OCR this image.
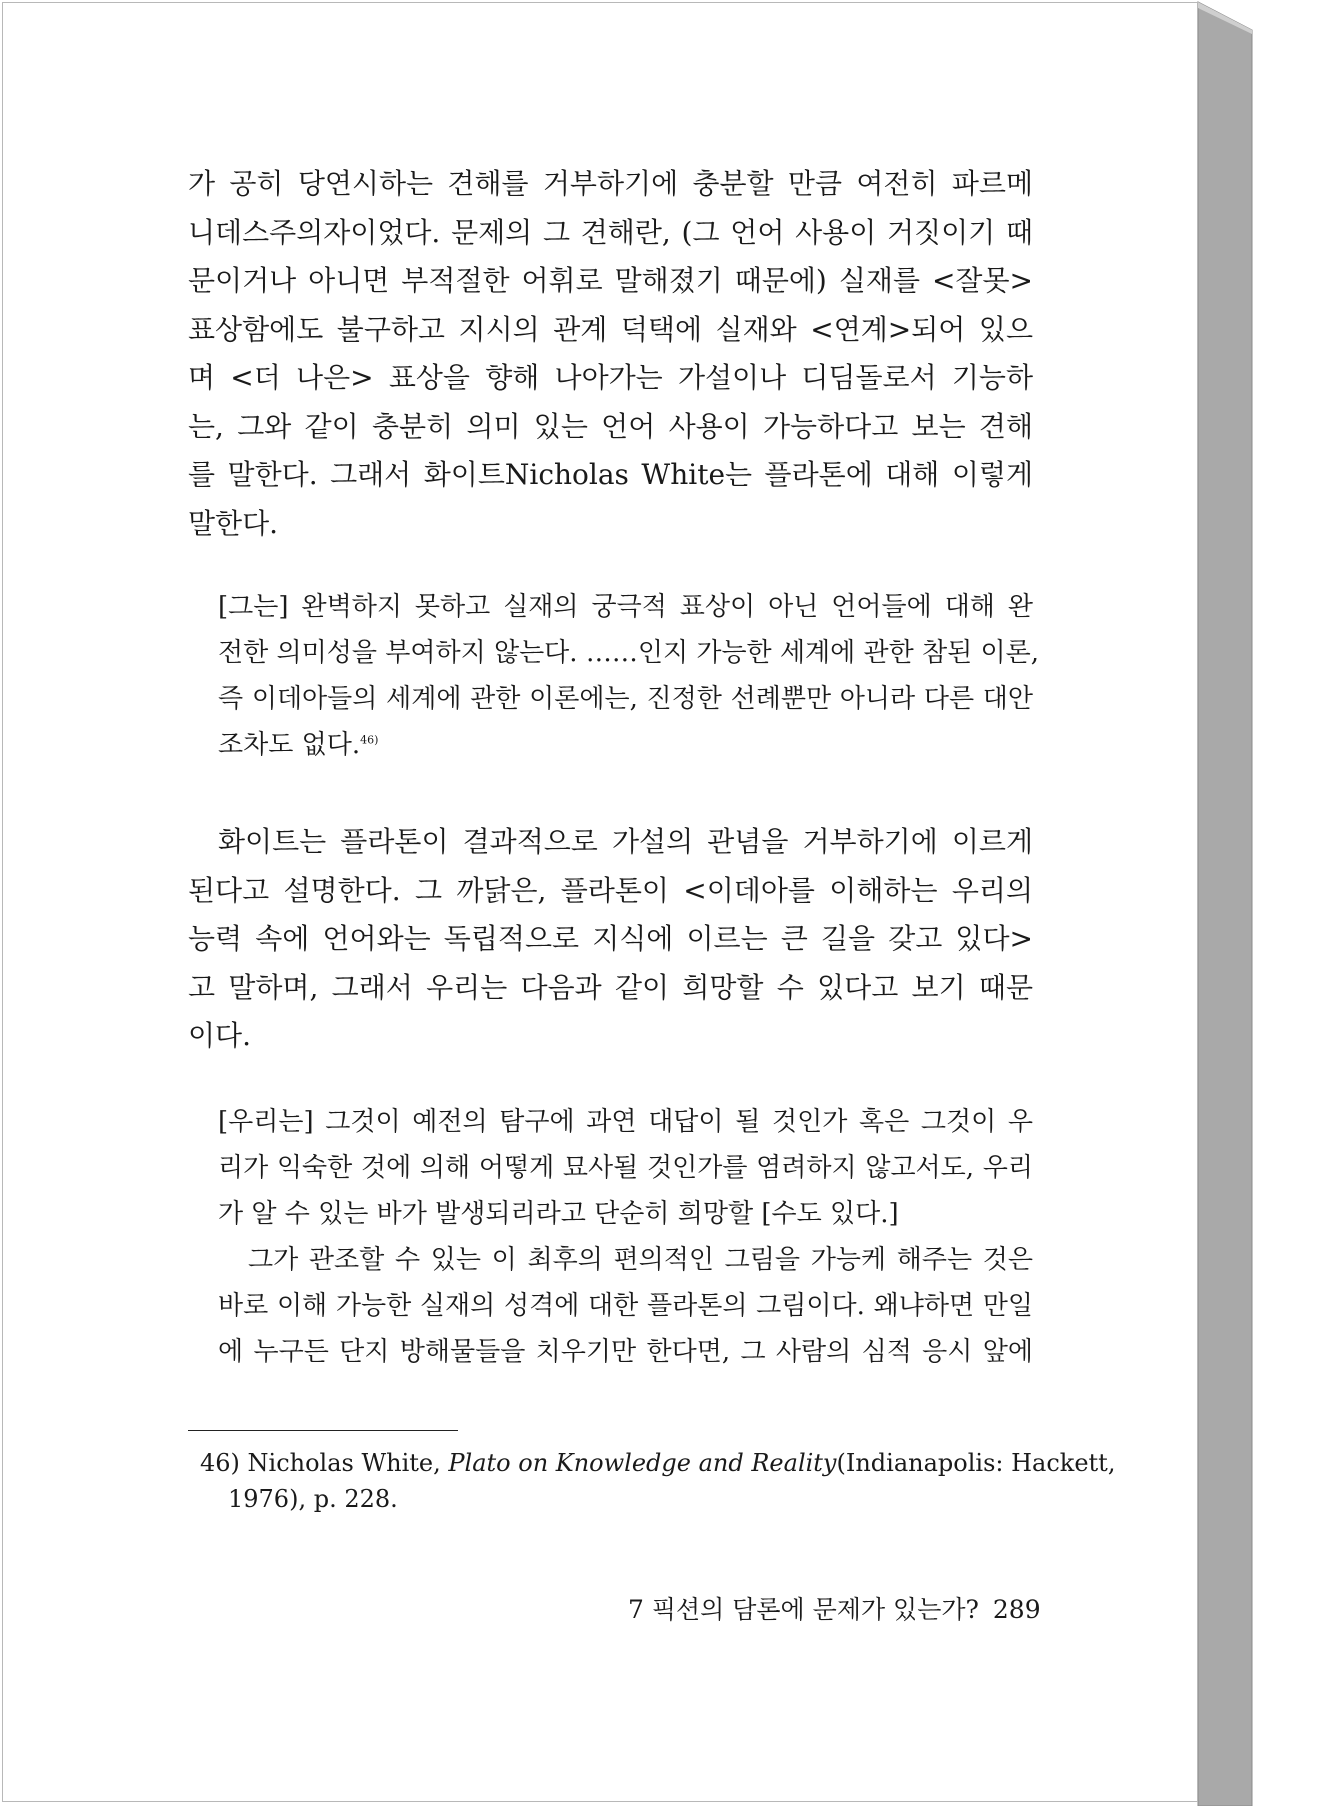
가 공히 당연시하는 견해를 거부하기에 충분할 만큼 여전히 파르메
니데스주의자이었다. 문제의 그 견해란, (그 언어 사용이 거짓이기 때
문이거나 아니면 부적절한 어휘로 말해졌기 때문에) 실재를 <잘못>
표상함에도 불구하고 지시의 관계 덕택에 실재와 <연계>되어 있으
며 <더 나은> 표상을 향해 나아가는 가설이나 디딤돌로서 기능하
는, 그와 같이 충분히 의미 있는 언어 사용이 가능하다고 보는 견해
를 말한다. 그래서 화이트Nicholas White는 플라톤에 대해 이렇게
말한다.
[그는] 완벽하지 못하고 실재의 궁극적 표상이 아닌 언어들에 대해 완
전한 의미성을 부여하지 않는다. ……인지 가능한 세계에 관한 참된 이론,
즉 이데아들의 세계에 관한 이론에는, 진정한 선례뿐만 아니라 다른 대안
조차도 없다.$^{46)}$
화이트는 플라톤이 결과적으로 가설의 관념을 거부하기에 이르게
된다고 설명한다. 그 까닭은, 플라톤이 <이데아를 이해하는 우리의
능력 속에 언어와는 독립적으로 지식에 이르는 큰 길을 갖고 있다>
고 말하며, 그래서 우리는 다음과 같이 희망할 수 있다고 보기 때문
이다.
[우리는] 그것이 예전의 탐구에 과연 대답이 될 것인가 혹은 그것이 우
리가 익숙한 것에 의해 어떻게 묘사될 것인가를 염려하지 않고서도, 우리
가 알 수 있는 바가 발생되리라고 단순히 희망할 [수도 있다.]
그가 관조할 수 있는 이 최후의 편의적인 그림을 가능케 해주는 것은
바로 이해 가능한 실재의 성격에 대한 플라톤의 그림이다. 왜냐하면 만일
에 누구든 단지 방해물들을 치우기만 한다면, 그 사람의 심적 응시 앞에
46) Nicholas White, Plato on Knowledge and Reality(Indianapolis: Hackett,
1976), p. 228.
7 픽션의 담론에 문제가 있는가? 289
